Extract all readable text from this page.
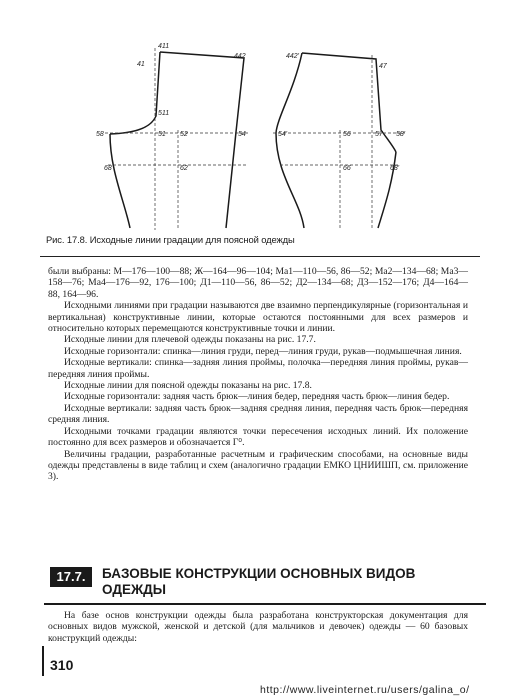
411
41
442
511
58	51 52	54
68	62
442'
47
54'	56	57 58'
66	68'
Рис. 17.8. Исходные линии градации для поясной одежды

были выбраны: М—176—100—88; Ж—164—96—104; Ма1—110—56, 86—52; Ма2—134—68; Ма3—158—76; Ма4—176—92, 176—100; Д1—110—56, 86—52; Д2—134—68; Д3—152—176; Д4—164—88, 164—96.

Исходными линиями при градации называются две взаимно перпендикулярные (горизонтальная и вертикальная) конструктивные линии, которые остаются постоянными для всех размеров и относительно которых перемещаются конструктивные точки и линии.

Исходные линии для плечевой одежды показаны на рис. 17.7.

Исходные горизонтали: спинка—линия груди, перед—линия груди, рукав—подмышечная линия.

Исходные вертикали: спинка—задняя линия проймы, полочка—передняя линия проймы, рукав—передняя линия проймы.

Исходные линии для поясной одежды показаны на рис. 17.8.

Исходные горизонтали: задняя часть брюк—линия бедер, передняя часть брюк—линия бедер.

Исходные вертикали: задняя часть брюк—задняя средняя линия, передняя часть брюк—передняя средняя линия.

Исходными точками градации являются точки пересечения исходных линий. Их положение постоянно для всех размеров и обозначается Г⁰.

Величины градации, разработанные расчетным и графическим способами, на основные виды одежды представлены в виде таблиц и схем (аналогично градации ЕМКО ЦНИИШП, см. приложение 3).

17.7.	БАЗОВЫЕ КОНСТРУКЦИИ ОСНОВНЫХ ВИДОВ ОДЕЖДЫ

На базе основ конструкции одежды была разработана конструкторская документация для основных видов мужской, женской и детской (для мальчиков и девочек) одежды — 60 базовых конструкций одежды:

310
http://www.liveinternet.ru/users/galina_o/
